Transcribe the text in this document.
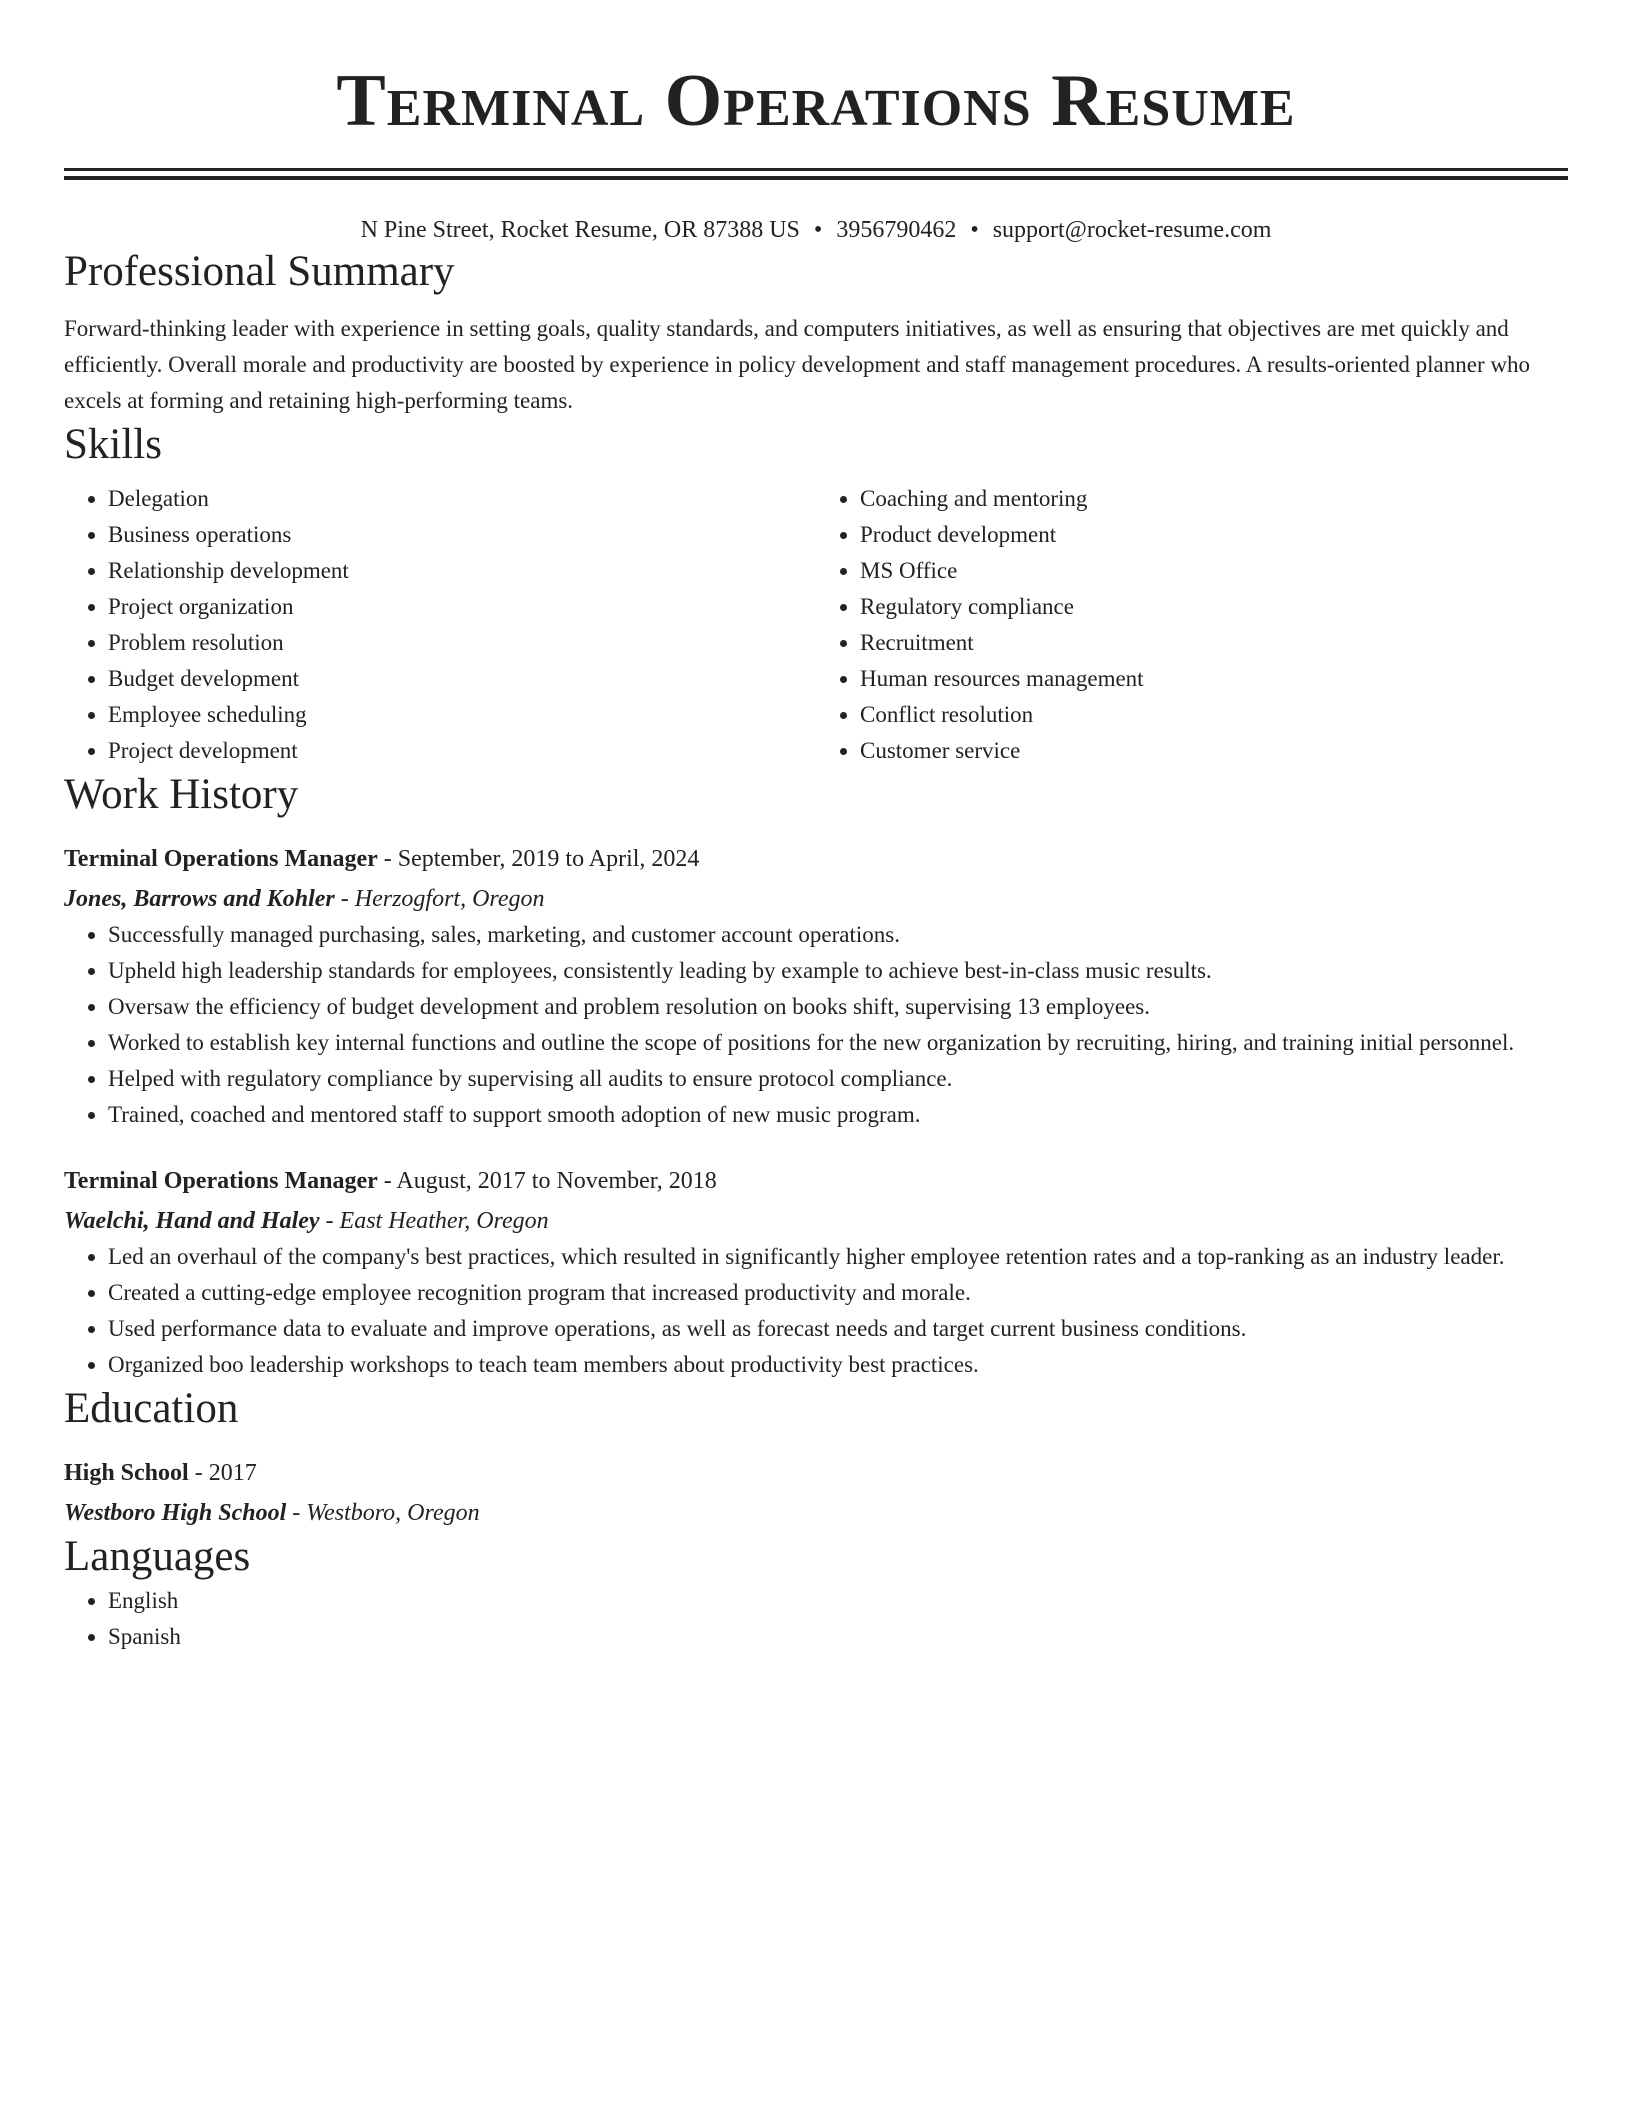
Terminal Operations Resume
N Pine Street, Rocket Resume, OR 87388 US • 3956790462 • support@rocket-resume.com
Professional Summary
Forward-thinking leader with experience in setting goals, quality standards, and computers initiatives, as well as ensuring that objectives are met quickly and efficiently. Overall morale and productivity are boosted by experience in policy development and staff management procedures. A results-oriented planner who excels at forming and retaining high-performing teams.
Skills
• Delegation
• Business operations
• Relationship development
• Project organization
• Problem resolution
• Budget development
• Employee scheduling
• Project development
• Coaching and mentoring
• Product development
• MS Office
• Regulatory compliance
• Recruitment
• Human resources management
• Conflict resolution
• Customer service
Work History
Terminal Operations Manager - September, 2019 to April, 2024
Jones, Barrows and Kohler - Herzogfort, Oregon
• Successfully managed purchasing, sales, marketing, and customer account operations.
• Upheld high leadership standards for employees, consistently leading by example to achieve best-in-class music results.
• Oversaw the efficiency of budget development and problem resolution on books shift, supervising 13 employees.
• Worked to establish key internal functions and outline the scope of positions for the new organization by recruiting, hiring, and training initial personnel.
• Helped with regulatory compliance by supervising all audits to ensure protocol compliance.
• Trained, coached and mentored staff to support smooth adoption of new music program.
Terminal Operations Manager - August, 2017 to November, 2018
Waelchi, Hand and Haley - East Heather, Oregon
• Led an overhaul of the company's best practices, which resulted in significantly higher employee retention rates and a top-ranking as an industry leader.
• Created a cutting-edge employee recognition program that increased productivity and morale.
• Used performance data to evaluate and improve operations, as well as forecast needs and target current business conditions.
• Organized boo leadership workshops to teach team members about productivity best practices.
Education
High School - 2017
Westboro High School - Westboro, Oregon
Languages
• English
• Spanish
